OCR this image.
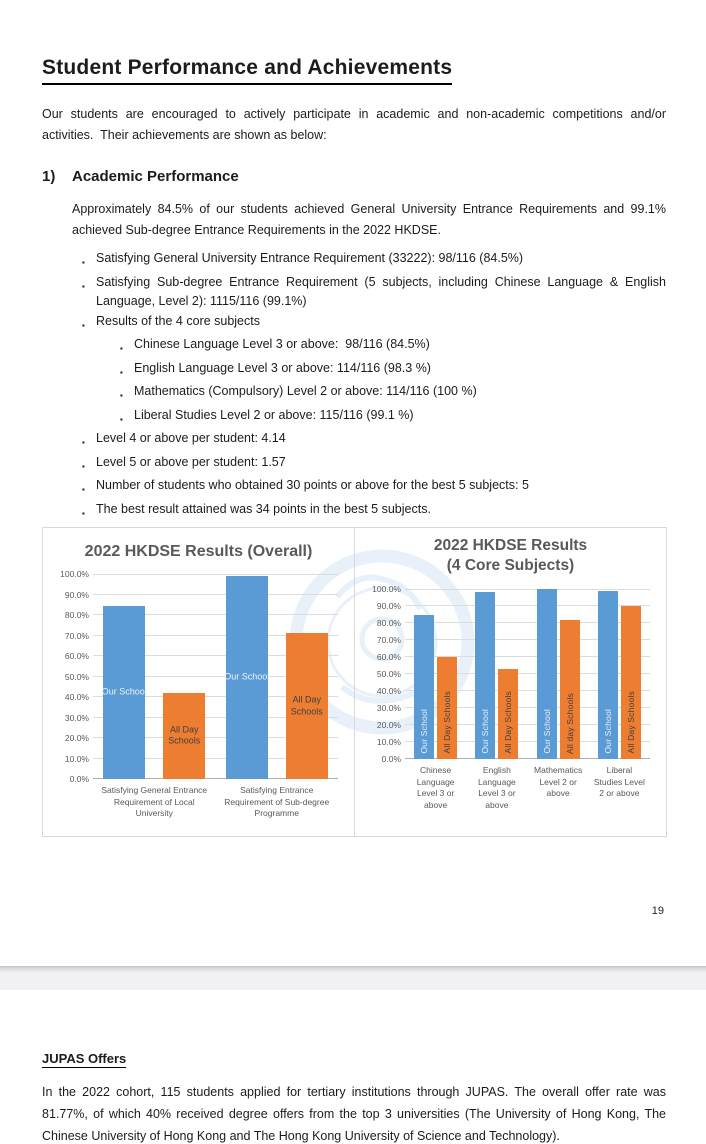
Student Performance and Achievements

Our students are encouraged to actively participate in academic and non-academic competitions and/or activities.  Their achievements are shown as below:

1)	Academic Performance

Approximately 84.5% of our students achieved General University Entrance Requirements and 99.1% achieved Sub-degree Entrance Requirements in the 2022 HKDSE.

▪ Satisfying General University Entrance Requirement (33222): 98/116 (84.5%)
▪ Satisfying Sub-degree Entrance Requirement (5 subjects, including Chinese Language & English Language, Level 2): 1115/116 (99.1%)
▪ Results of the 4 core subjects
▪ Chinese Language Level 3 or above:  98/116 (84.5%)
▪ English Language Level 3 or above: 114/116 (98.3 %)
▪ Mathematics (Compulsory) Level 2 or above: 114/116 (100 %)
▪ Liberal Studies Level 2 or above: 115/116 (99.1 %)
▪ Level 4 or above per student: 4.14
▪ Level 5 or above per student: 1.57
▪ Number of students who obtained 30 points or above for the best 5 subjects: 5
▪ The best result attained was 34 points in the best 5 subjects.
2022 HKDSE Results (Overall)
0.0%
10.0%
20.0%
30.0%
40.0%
50.0%
60.0%
70.0%
80.0%
90.0%
100.0%
Our School
All Day Schools
Our School
All Day Schools
Satisfying General Entrance Requirement of Local University
Satisfying Entrance Requirement of Sub-degree Programme
2022 HKDSE Results
(4 Core Subjects)
0.0%
10.0%
20.0%
30.0%
40.0%
50.0%
60.0%
70.0%
80.0%
90.0%
100.0%
Our School All Day Schools	Our School All Day Schools	Our School All day Schools	Our School All Day Schools
Chinese Language Level 3 or above
English Language Level 3 or above
Mathematics Level 2 or above
Liberal Studies Level 2 or above
19
JUPAS Offers

In the 2022 cohort, 115 students applied for tertiary institutions through JUPAS. The overall offer rate was 81.77%, of which 40% received degree offers from the top 3 universities (The University of Hong Kong, The Chinese University of Hong Kong and The Hong Kong University of Science and Technology).
